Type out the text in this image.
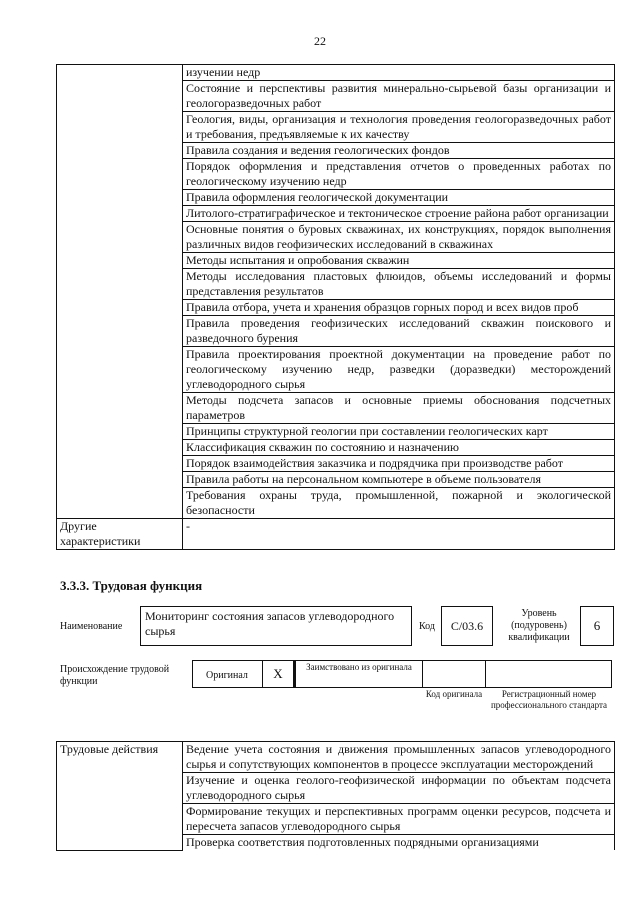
22
	изучении недр
	Состояние и перспективы развития минерально-сырьевой базы организации и геологоразведочных работ
	Геология, виды, организация и технология проведения геологоразведочных работ и требования, предъявляемые к их качеству
	Правила создания и ведения геологических фондов
	Порядок оформления и представления отчетов о проведенных работах по геологическому изучению недр
	Правила оформления геологической документации
	Литолого-стратиграфическое и тектоническое строение района работ организации
	Основные понятия о буровых скважинах, их конструкциях, порядок выполнения различных видов геофизических исследований в скважинах
	Методы испытания и опробования скважин
	Методы исследования пластовых флюидов, объемы исследований и формы представления результатов
	Правила отбора, учета и хранения образцов горных пород и всех видов проб
	Правила проведения геофизических исследований скважин поискового и разведочного бурения
	Правила проектирования проектной документации на проведение работ по геологическому изучению недр, разведки (доразведки) месторождений углеводородного сырья
	Методы подсчета запасов и основные приемы обоснования подсчетных параметров
	Принципы структурной геологии при составлении геологических карт
	Классификация скважин по состоянию и назначению
	Порядок взаимодействия заказчика и подрядчика при производстве работ
	Правила работы на персональном компьютере в объеме пользователя
	Требования охраны труда, промышленной, пожарной и экологической безопасности
Другие характеристики	-
3.3.3. Трудовая функция
Наименование
Мониторинг состояния запасов углеводородного сырья	Код	С/03.6
Уровень (подуровень) квалификации
6
Происхождение трудовой функции
Оригинал	X	Заимствовано из оригинала
Код оригинала	Регистрационный номер профессионального стандарта
Трудовые действия	Ведение учета состояния и движения промышленных запасов углеводородного сырья и сопутствующих компонентов в процессе эксплуатации месторождений
Изучение и оценка геолого-геофизической информации по объектам подсчета углеводородного сырья
Формирование текущих и перспективных программ оценки ресурсов, подсчета и пересчета запасов углеводородного сырья
Проверка соответствия подготовленных подрядными организациями
